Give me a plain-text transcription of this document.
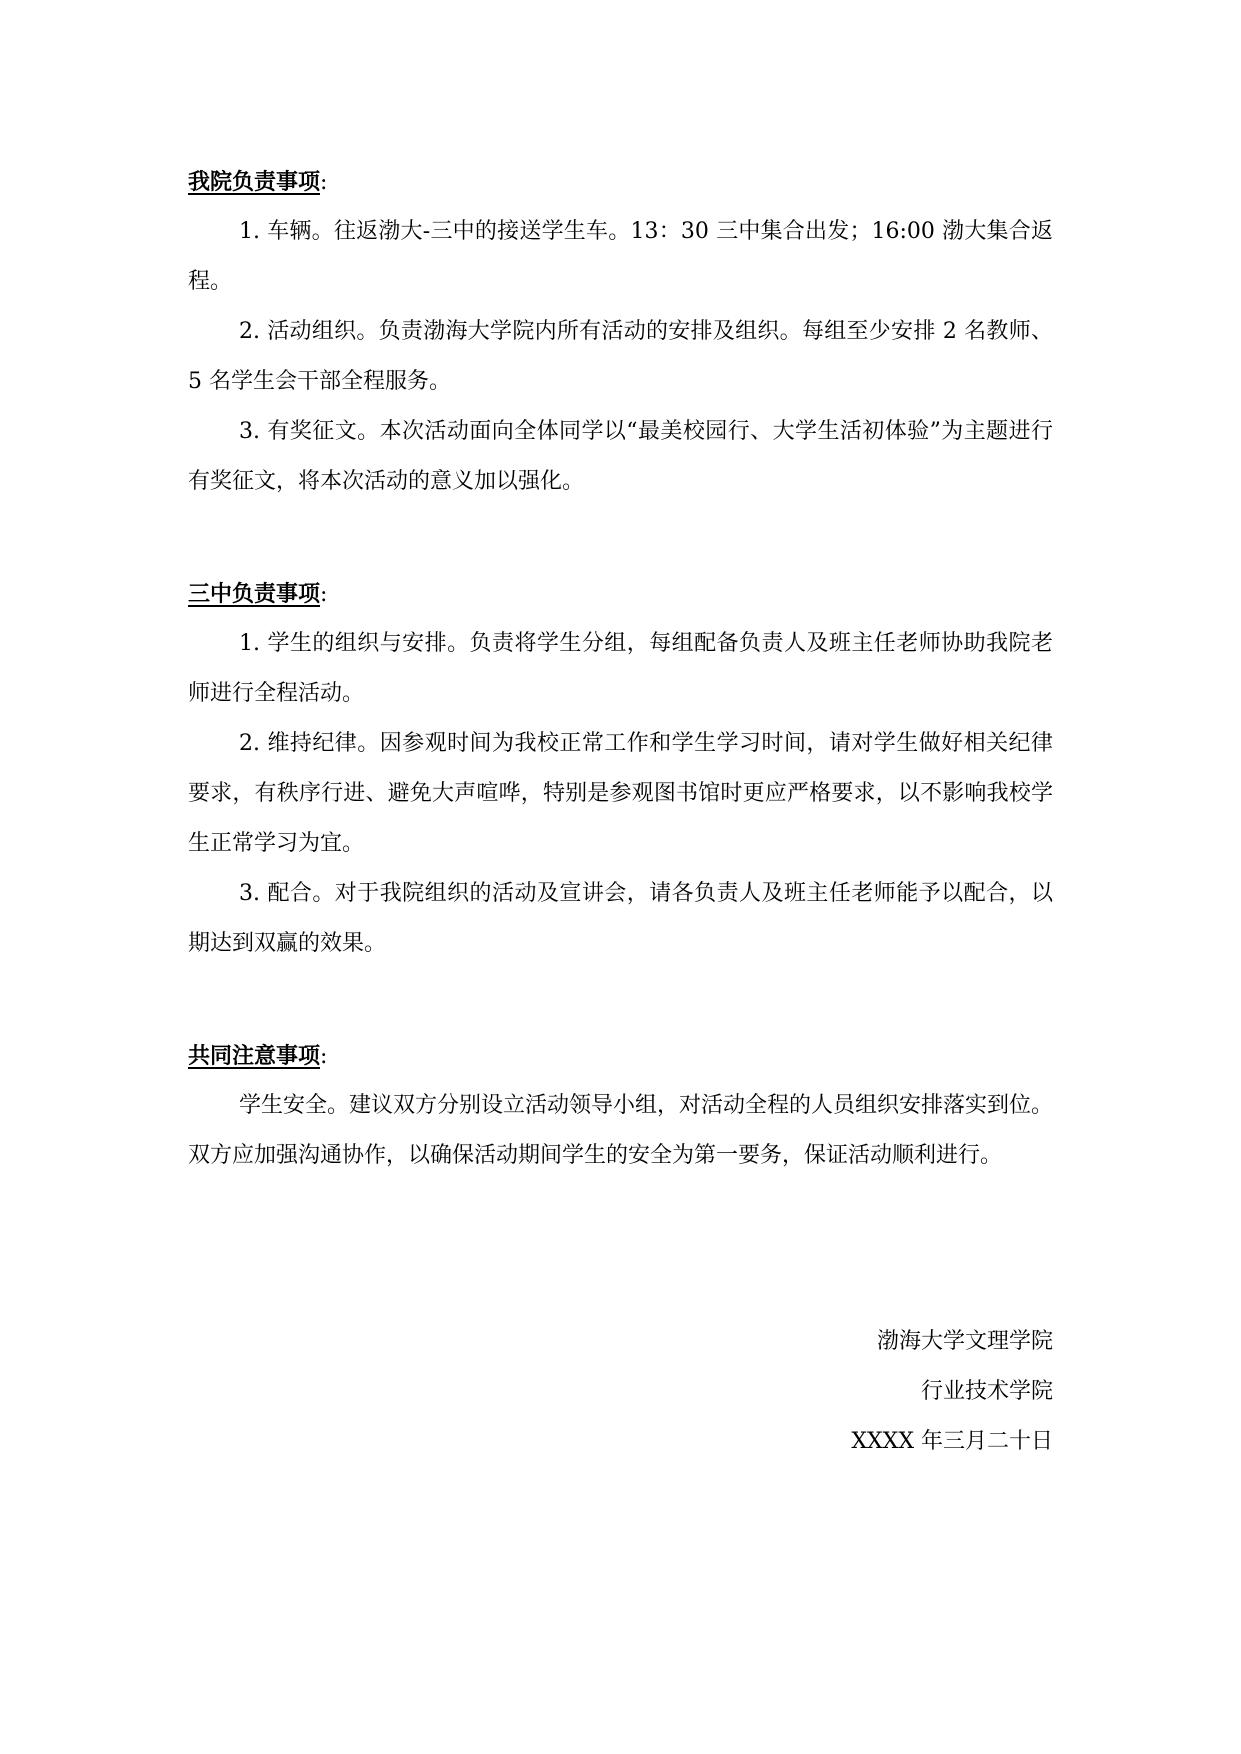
我院负责事项:

1. 车辆。往返渤大-三中的接送学生车。13：30 三中集合出发；16:00 渤大集合返程。

2. 活动组织。负责渤海大学院内所有活动的安排及组织。每组至少安排 2 名教师、5 名学生会干部全程服务。

3. 有奖征文。本次活动面向全体同学以“最美校园行、大学生活初体验”为主题进行有奖征文，将本次活动的意义加以强化。

三中负责事项:

1. 学生的组织与安排。负责将学生分组，每组配备负责人及班主任老师协助我院老师进行全程活动。

2. 维持纪律。因参观时间为我校正常工作和学生学习时间，请对学生做好相关纪律要求，有秩序行进、避免大声喧哗，特别是参观图书馆时更应严格要求，以不影响我校学生正常学习为宜。

3. 配合。对于我院组织的活动及宣讲会，请各负责人及班主任老师能予以配合，以期达到双赢的效果。

共同注意事项:

学生安全。建议双方分别设立活动领导小组，对活动全程的人员组织安排落实到位。双方应加强沟通协作，以确保活动期间学生的安全为第一要务，保证活动顺利进行。

渤海大学文理学院

行业技术学院

XXXX 年三月二十日
